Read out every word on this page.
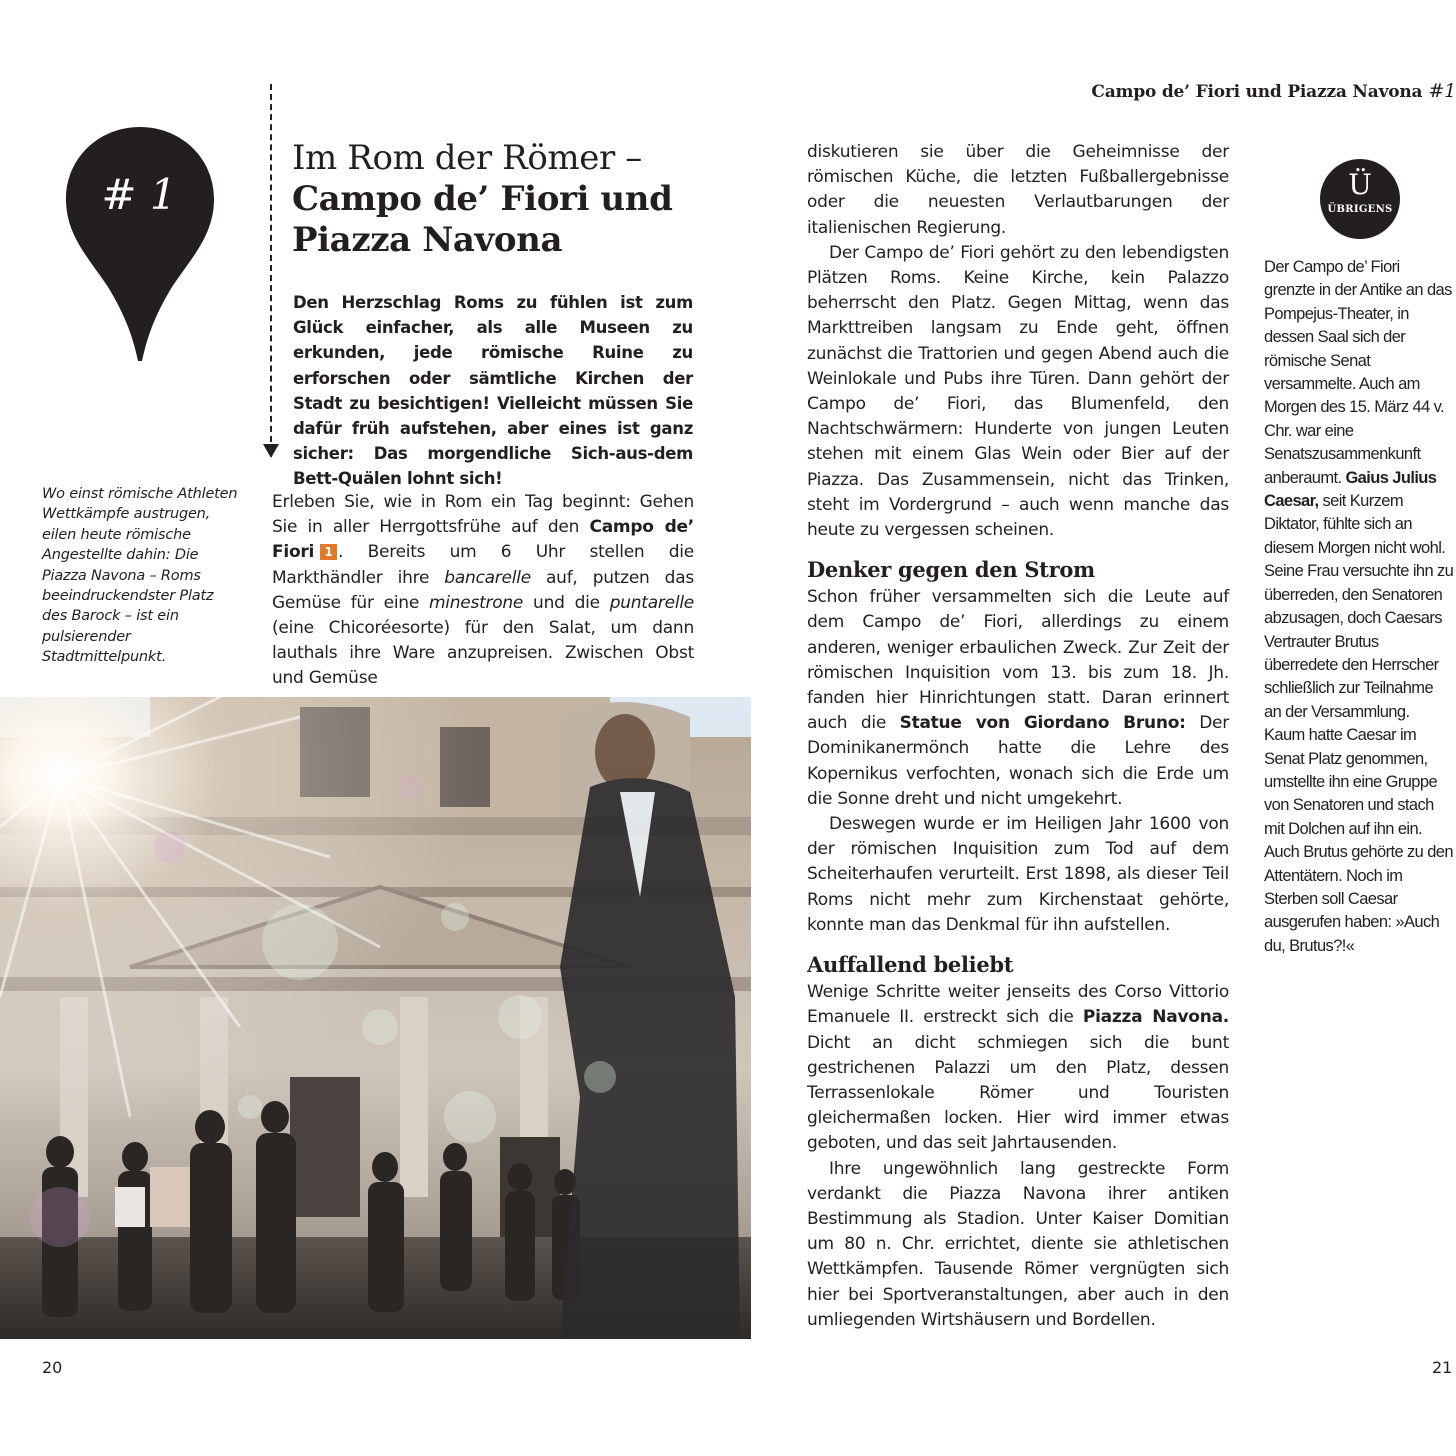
Campo de’ Fiori und Piazza Navona #1
# 1
Im Rom der Römer –
Campo de’ Fiori und
Piazza Navona

Den Herzschlag Roms zu fühlen ist zum Glück einfacher, als alle Museen zu erkunden, jede römische Ruine zu erforschen oder sämtliche Kirchen der Stadt zu besichtigen! Vielleicht müssen Sie dafür früh aufstehen, aber eines ist ganz sicher: Das morgendliche Sich-aus-dem Bett-Quälen lohnt sich!

Wo einst römische Athleten Wettkämpfe austrugen, eilen heute römische Angestellte dahin: Die Piazza Navona – Roms beeindruckendster Platz des Barock – ist ein pulsierender Stadtmittelpunkt.

Erleben Sie, wie in Rom ein Tag beginnt: Gehen Sie in aller Herrgottsfrühe auf den Campo de’ Fiori 1 . Bereits um 6 Uhr stellen die Markthändler ihre bancarelle auf, putzen das Gemüse für eine minestrone und die puntarelle (eine Chicoréesorte) für den Salat, um dann lauthals ihre Ware anzupreisen. Zwischen Obst und Gemüse

diskutieren sie über die Geheimnisse der römischen Küche, die letzten Fußballergebnisse oder die neuesten Verlautbarungen der italienischen Regierung.

Der Campo de’ Fiori gehört zu den lebendigsten Plätzen Roms. Keine Kirche, kein Palazzo beherrscht den Platz. Gegen Mittag, wenn das Markttreiben langsam zu Ende geht, öffnen zunächst die Trattorien und gegen Abend auch die Weinlokale und Pubs ihre Türen. Dann gehört der Campo de’ Fiori, das Blumenfeld, den Nachtschwärmern: Hunderte von jungen Leuten stehen mit einem Glas Wein oder Bier auf der Piazza. Das Zusammensein, nicht das Trinken, steht im Vordergrund – auch wenn manche das heute zu vergessen scheinen.

Denker gegen den Strom

Schon früher versammelten sich die Leute auf dem Campo de’ Fiori, allerdings zu einem anderen, weniger erbaulichen Zweck. Zur Zeit der römischen Inquisition vom 13. bis zum 18. Jh. fanden hier Hinrichtungen statt. Daran erinnert auch die Statue von Giordano Bruno: Der Dominikanermönch hatte die Lehre des Kopernikus verfochten, wonach sich die Erde um die Sonne dreht und nicht umgekehrt.

Deswegen wurde er im Heiligen Jahr 1600 von der römischen Inquisition zum Tod auf dem Scheiterhaufen verurteilt. Erst 1898, als dieser Teil Roms nicht mehr zum Kirchenstaat gehörte, konnte man das Denkmal für ihn aufstellen.

Auffallend beliebt

Wenige Schritte weiter jenseits des Corso Vittorio Emanuele II. erstreckt sich die Piazza Navona. Dicht an dicht schmiegen sich die bunt gestrichenen Palazzi um den Platz, dessen Terrassenlokale Römer und Touristen gleichermaßen locken. Hier wird immer etwas geboten, und das seit Jahrtausenden.

Ihre ungewöhnlich lang gestreckte Form verdankt die Piazza Navona ihrer antiken Bestimmung als Stadion. Unter Kaiser Domitian um 80 n. Chr. errichtet, diente sie athletischen Wettkämpfen. Tausende Römer vergnügten sich hier bei Sportveranstaltungen, aber auch in den umliegenden Wirtshäusern und Bordellen.

Ü
ÜBRIGENS

Der Campo de’ Fiori grenzte in der Antike an das Pompejus-Theater, in dessen Saal sich der römische Senat versammelte. Auch am Morgen des 15. März 44 v. Chr. war eine Senatszusammenkunft anberaumt. Gaius Julius Caesar, seit Kurzem Diktator, fühlte sich an diesem Morgen nicht wohl. Seine Frau versuchte ihn zu überreden, den Senatoren abzusagen, doch Caesars Vertrauter Brutus überredete den Herrscher schließlich zur Teilnahme an der Versammlung. Kaum hatte Caesar im Senat Platz genommen, umstellte ihn eine Gruppe von Senatoren und stach mit Dolchen auf ihn ein. Auch Brutus gehörte zu den Attentätern. Noch im Sterben soll Caesar ausgerufen haben: »Auch du, Brutus?!«

20	21
